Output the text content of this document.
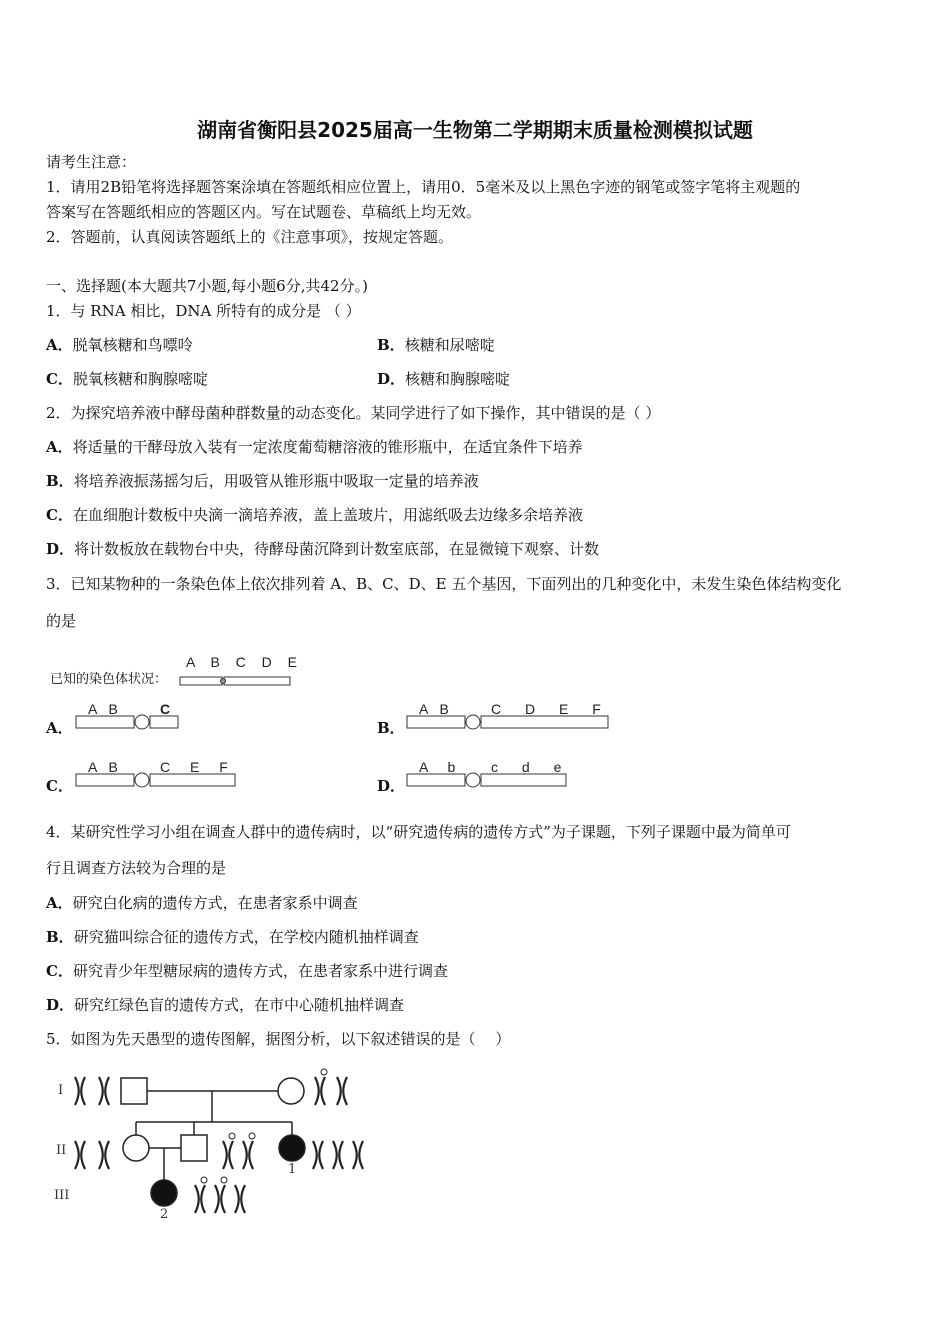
湖南省衡阳县2025届高一生物第二学期期末质量检测模拟试题
请考生注意：
1．请用2B铅笔将选择题答案涂填在答题纸相应位置上，请用0．5毫米及以上黑色字迹的钢笔或签字笔将主观题的
答案写在答题纸相应的答题区内。写在试题卷、草稿纸上均无效。
2．答题前，认真阅读答题纸上的《注意事项》，按规定答题。
一、选择题(本大题共7小题,每小题6分,共42分。)
1．与 RNA 相比，DNA 所特有的成分是 （ ）
A．脱氧核糖和鸟嘌呤	B．核糖和尿嘧啶
C．脱氧核糖和胸腺嘧啶	D．核糖和胸腺嘧啶
2．为探究培养液中酵母菌种群数量的动态变化。某同学进行了如下操作，其中错误的是（ ）
A．将适量的干酵母放入装有一定浓度葡萄糖溶液的锥形瓶中，在适宜条件下培养
B．将培养液振荡摇匀后，用吸管从锥形瓶中吸取一定量的培养液
C．在血细胞计数板中央滴一滴培养液，盖上盖玻片，用滤纸吸去边缘多余培养液
D．将计数板放在载物台中央，待酵母菌沉降到计数室底部，在显微镜下观察、计数
3．已知某物种的一条染色体上依次排列着 A、B、C、D、E 五个基因，下面列出的几种变化中，未发生染色体结构变化
的是
已知的染色体状况：
A B C D E
A．
A B	C
B．
A B	C D E F
C．
A B	C E F
D．
A b c d e
4．某研究性学习小组在调查人群中的遗传病时，以“研究遗传病的遗传方式”为子课题，下列子课题中最为简单可
行且调查方法较为合理的是
A．研究白化病的遗传方式，在患者家系中调查
B．研究猫叫综合征的遗传方式，在学校内随机抽样调查
C．研究青少年型糖尿病的遗传方式，在患者家系中进行调查
D．研究红绿色盲的遗传方式，在市中心随机抽样调查
5．如图为先天愚型的遗传图解，据图分析，以下叙述错误的是（　 ）
I
II
III
1
2
